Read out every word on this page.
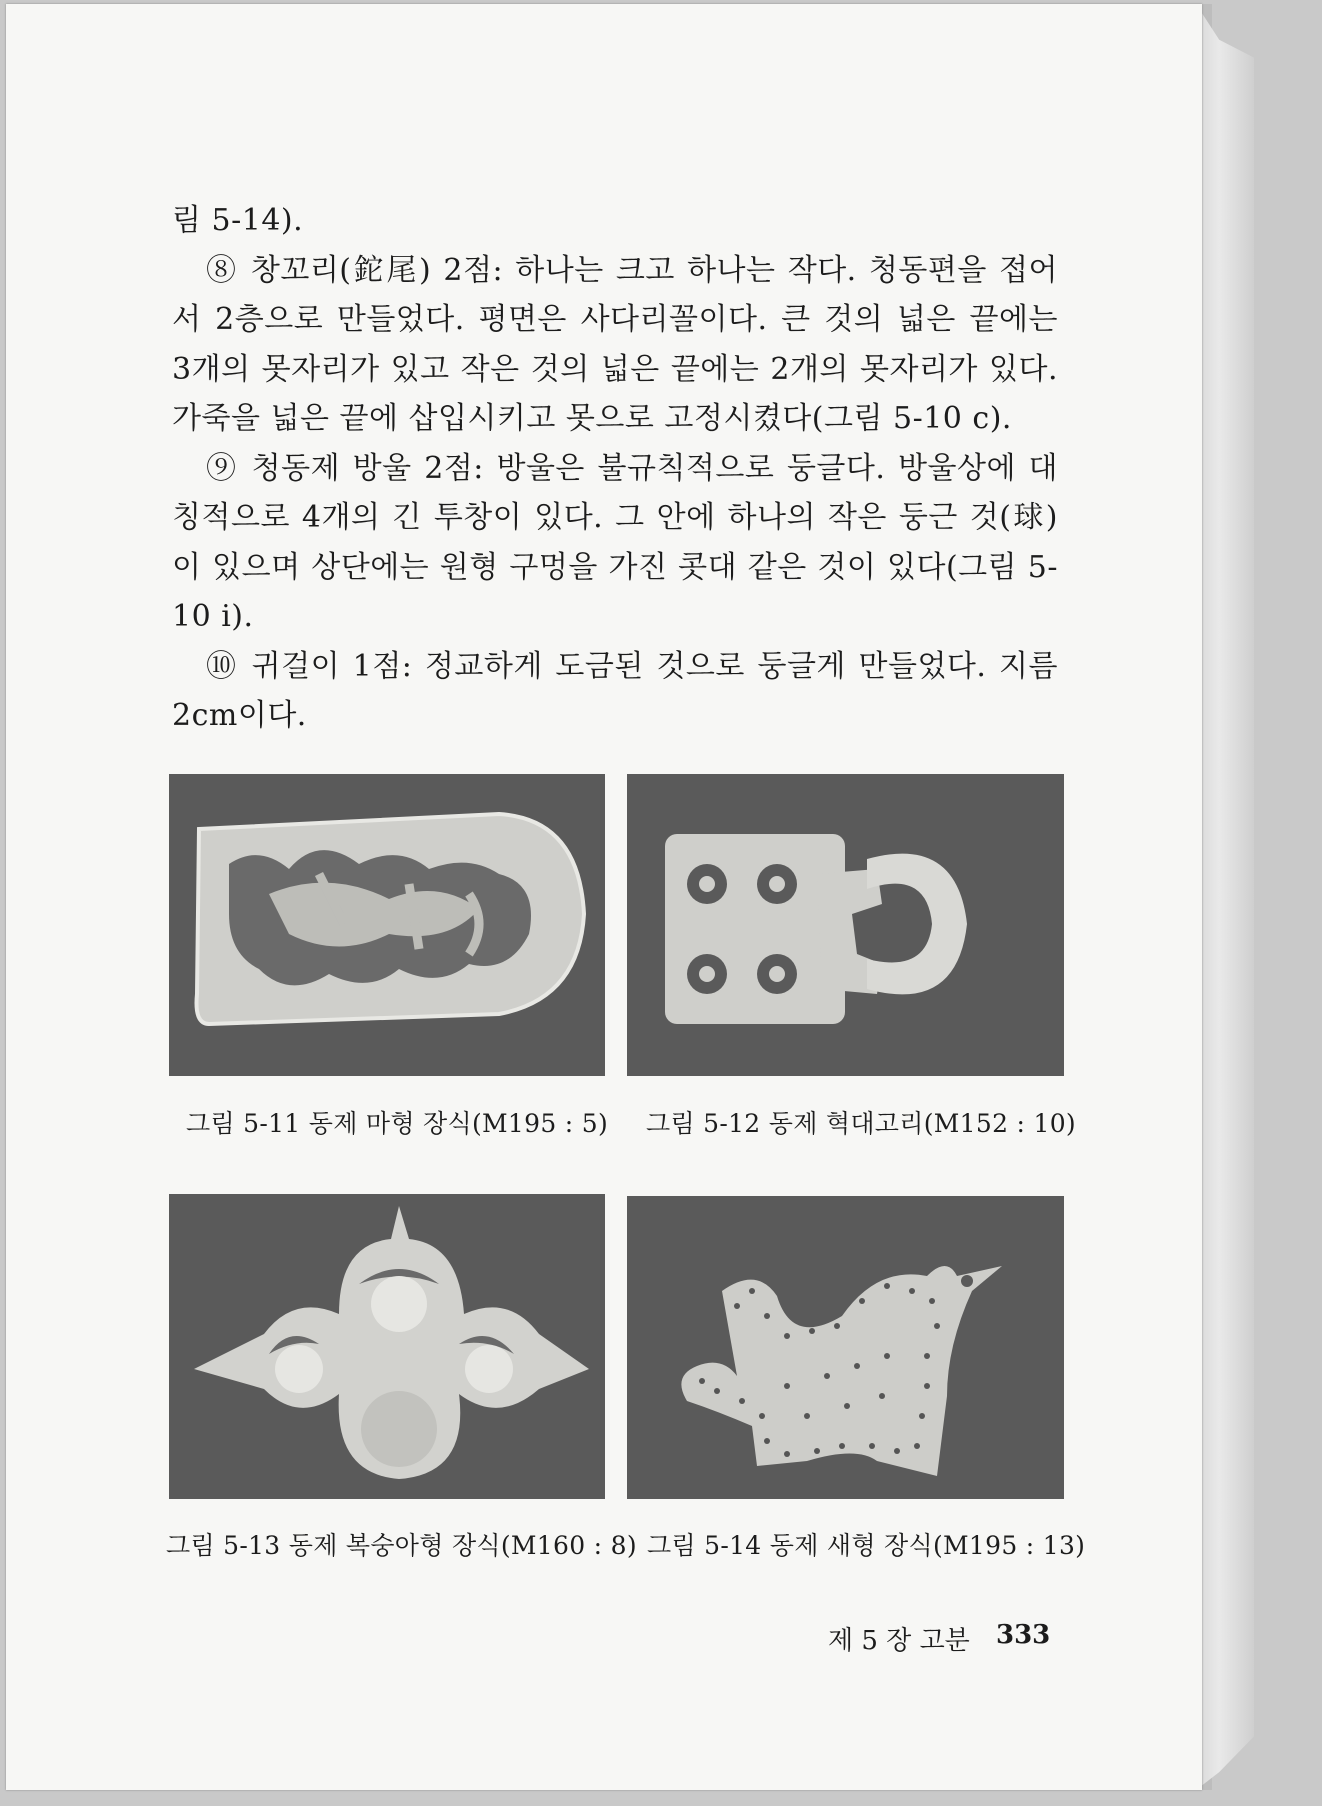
림 5-14).

⑧ 창꼬리(鉈尾) 2점: 하나는 크고 하나는 작다. 청동편을 접어서 2층으로 만들었다. 평면은 사다리꼴이다. 큰 것의 넓은 끝에는 3개의 못자리가 있고 작은 것의 넓은 끝에는 2개의 못자리가 있다. 가죽을 넓은 끝에 삽입시키고 못으로 고정시켰다(그림 5-10 c).

⑨ 청동제 방울 2점: 방울은 불규칙적으로 둥글다. 방울상에 대칭적으로 4개의 긴 투창이 있다. 그 안에 하나의 작은 둥근 것(球)이 있으며 상단에는 원형 구멍을 가진 콧대 같은 것이 있다(그림 5-10 i).

⑩ 귀걸이 1점: 정교하게 도금된 것으로 둥글게 만들었다. 지름 2cm이다.

그림 5-11 동제 마형 장식(M195 : 5) 그림 5-12 동제 혁대고리(M152 : 10)
그림 5-13 동제 복숭아형 장식(M160 : 8) 그림 5-14 동제 새형 장식(M195 : 13)
제 5 장 고분 333
